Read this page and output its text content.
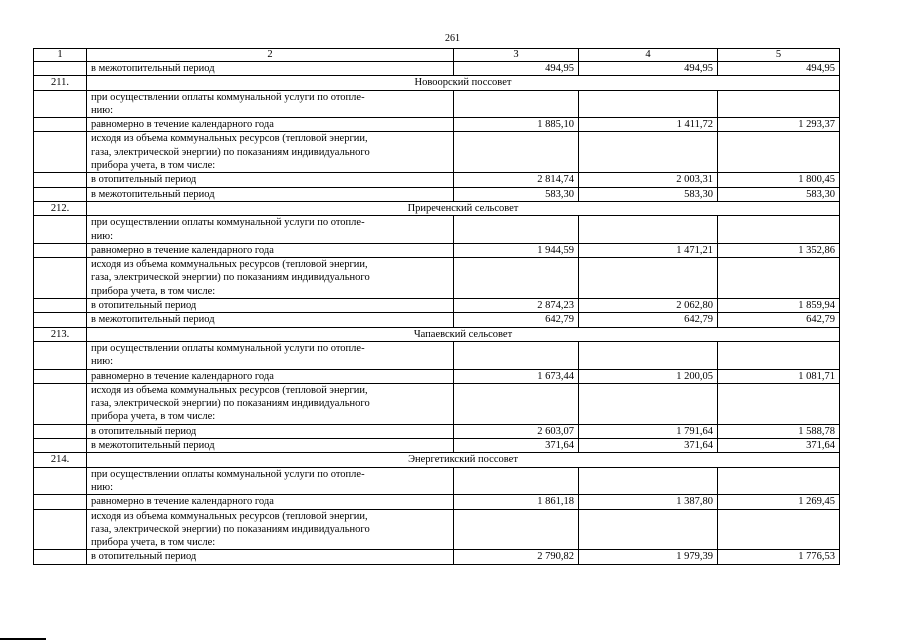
261
1	2	3	4	5
	в межотопительный период	494,95	494,95	494,95
211.	Новоорский поссовет			
	при осуществлении оплаты коммунальной услуги по отопле-
нию:			
	равномерно в течение календарного года	1 885,10	1 411,72	1 293,37
	исходя из объема коммунальных ресурсов (тепловой энергии,
газа, электрической энергии) по показаниям индивидуального
прибора учета, в том числе:			
	в отопительный период	2 814,74	2 003,31	1 800,45
	в межотопительный период	583,30	583,30	583,30
212.	Приреченский сельсовет			
	при осуществлении оплаты коммунальной услуги по отопле-
нию:			
	равномерно в течение календарного года	1 944,59	1 471,21	1 352,86
	исходя из объема коммунальных ресурсов (тепловой энергии,
газа, электрической энергии) по показаниям индивидуального
прибора учета, в том числе:			
	в отопительный период	2 874,23	2 062,80	1 859,94
	в межотопительный период	642,79	642,79	642,79
213.	Чапаевский сельсовет			
	при осуществлении оплаты коммунальной услуги по отопле-
нию:			
	равномерно в течение календарного года	1 673,44	1 200,05	1 081,71
	исходя из объема коммунальных ресурсов (тепловой энергии,
газа, электрической энергии) по показаниям индивидуального
прибора учета, в том числе:			
	в отопительный период	2 603,07	1 791,64	1 588,78
	в межотопительный период	371,64	371,64	371,64
214.	Энергетикский поссовет			
	при осуществлении оплаты коммунальной услуги по отопле-
нию:			
	равномерно в течение календарного года	1 861,18	1 387,80	1 269,45
	исходя из объема коммунальных ресурсов (тепловой энергии,
газа, электрической энергии) по показаниям индивидуального
прибора учета, в том числе:			
	в отопительный период	2 790,82	1 979,39	1 776,53
